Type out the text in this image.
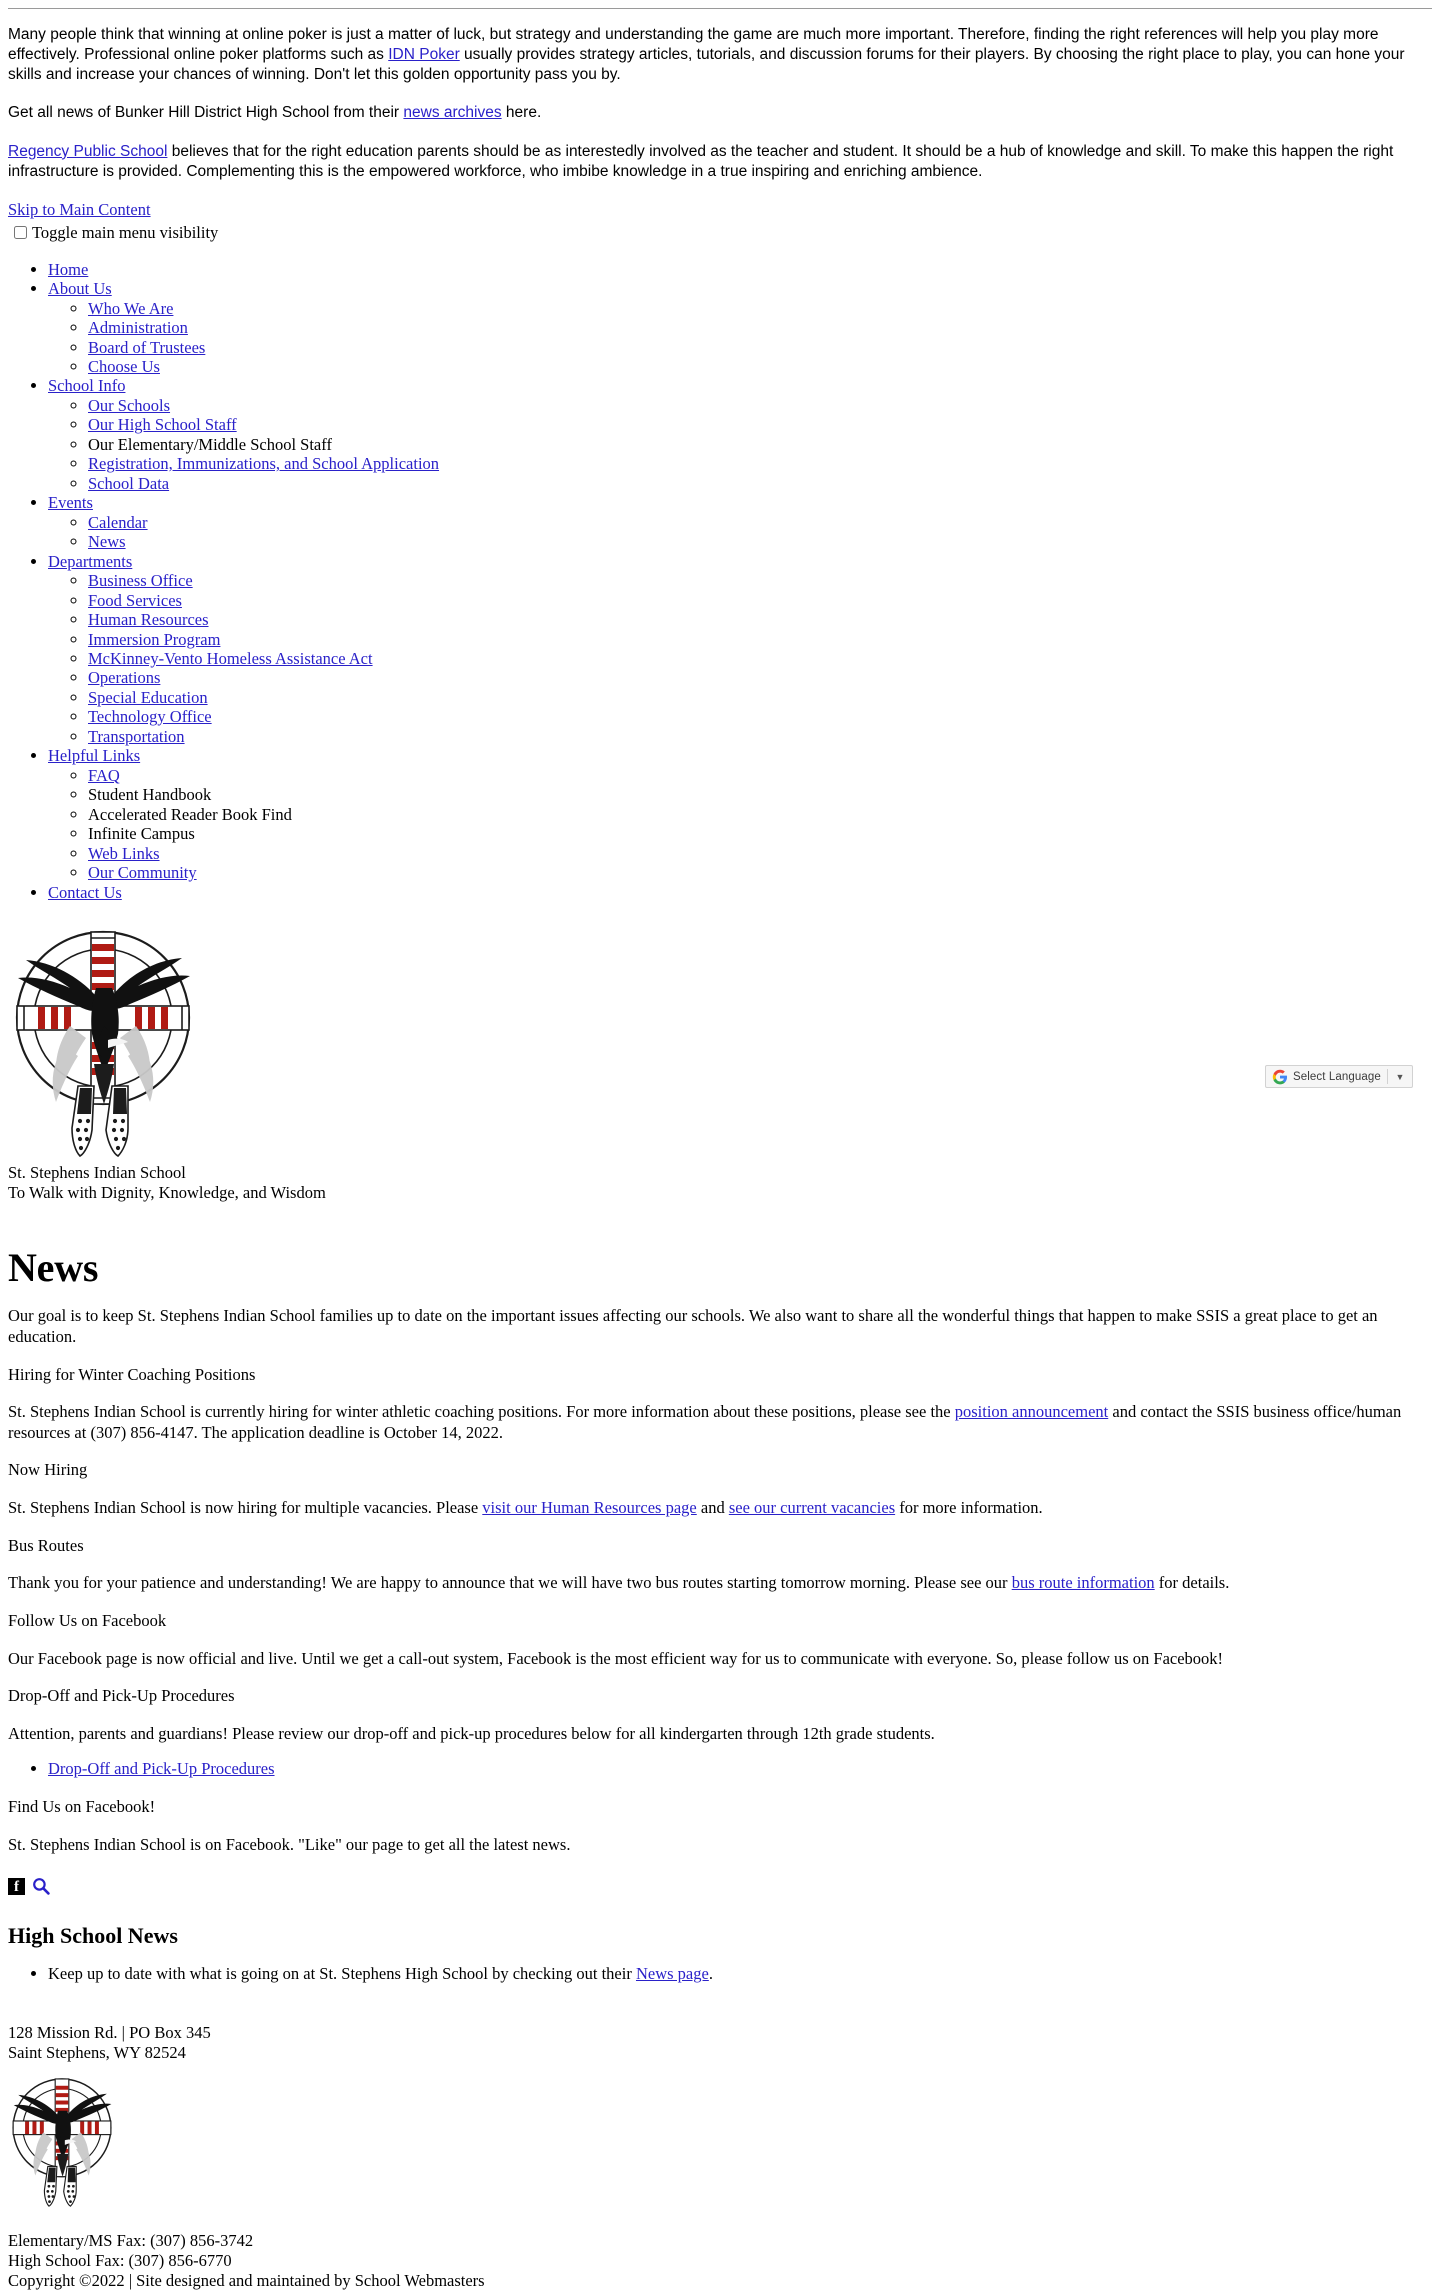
Many people think that winning at online poker is just a matter of luck, but strategy and understanding the game are much more important. Therefore, finding the right references will help you play more effectively. Professional online poker platforms such as IDN Poker usually provides strategy articles, tutorials, and discussion forums for their players. By choosing the right place to play, you can hone your skills and increase your chances of winning. Don't let this golden opportunity pass you by.

Get all news of Bunker Hill District High School from their news archives here.

Regency Public School believes that for the right education parents should be as interestedly involved as the teacher and student. It should be a hub of knowledge and skill. To make this happen the right infrastructure is provided. Complementing this is the empowered workforce, who imbibe knowledge in a true inspiring and enriching ambience.

Skip to Main Content
Toggle main menu visibility
• Home
• About Us
◦ Who We Are
◦ Administration
◦ Board of Trustees
◦ Choose Us
• School Info
◦ Our Schools
◦ Our High School Staff
◦ Our Elementary/Middle School Staff
◦ Registration, Immunizations, and School Application
◦ School Data
• Events
◦ Calendar
◦ News
• Departments
◦ Business Office
◦ Food Services
◦ Human Resources
◦ Immersion Program
◦ McKinney-Vento Homeless Assistance Act
◦ Operations
◦ Special Education
◦ Technology Office
◦ Transportation
• Helpful Links
◦ FAQ
◦ Student Handbook
◦ Accelerated Reader Book Find
◦ Infinite Campus
◦ Web Links
◦ Our Community
• Contact Us
St. Stephens Indian School
To Walk with Dignity, Knowledge, and Wisdom
News

Our goal is to keep St. Stephens Indian School families up to date on the important issues affecting our schools. We also want to share all the wonderful things that happen to make SSIS a great place to get an education.

Hiring for Winter Coaching Positions

St. Stephens Indian School is currently hiring for winter athletic coaching positions. For more information about these positions, please see the position announcement and contact the SSIS business office/human resources at (307) 856-4147. The application deadline is October 14, 2022.

Now Hiring

St. Stephens Indian School is now hiring for multiple vacancies. Please visit our Human Resources page and see our current vacancies for more information.

Bus Routes

Thank you for your patience and understanding! We are happy to announce that we will have two bus routes starting tomorrow morning. Please see our bus route information for details.

Follow Us on Facebook

Our Facebook page is now official and live. Until we get a call-out system, Facebook is the most efficient way for us to communicate with everyone. So, please follow us on Facebook!

Drop-Off and Pick-Up Procedures

Attention, parents and guardians! Please review our drop-off and pick-up procedures below for all kindergarten through 12th grade students.

• Drop-Off and Pick-Up Procedures

Find Us on Facebook!

St. Stephens Indian School is on Facebook. "Like" our page to get all the latest news.

f
High School News
• Keep up to date with what is going on at St. Stephens High School by checking out their News page.
128 Mission Rd. | PO Box 345
Saint Stephens, WY 82524
Elementary/MS Fax: (307) 856-3742
High School Fax: (307) 856-6770
Copyright ©2022 | Site designed and maintained by School Webmasters
Select Language	▼
